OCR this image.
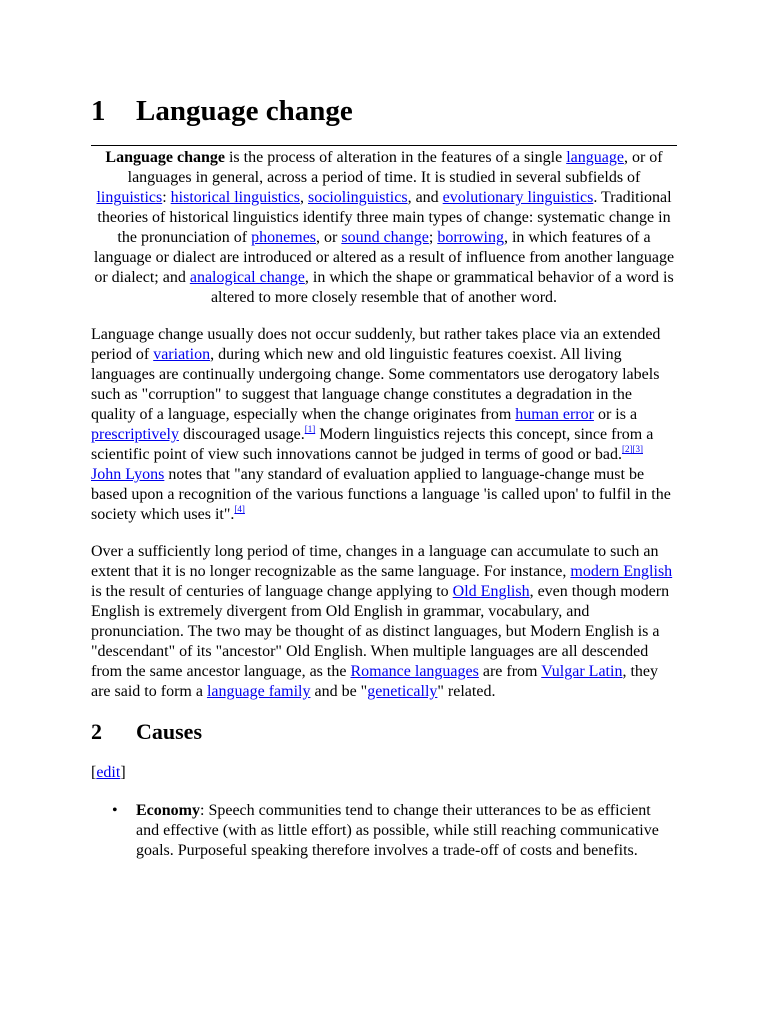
1 Language change

Language change is the process of alteration in the features of a single language, or of languages in general, across a period of time. It is studied in several subfields of linguistics: historical linguistics, sociolinguistics, and evolutionary linguistics. Traditional theories of historical linguistics identify three main types of change: systematic change in the pronunciation of phonemes, or sound change; borrowing, in which features of a language or dialect are introduced or altered as a result of influence from another language or dialect; and analogical change, in which the shape or grammatical behavior of a word is altered to more closely resemble that of another word.

Language change usually does not occur suddenly, but rather takes place via an extended period of variation, during which new and old linguistic features coexist. All living languages are continually undergoing change. Some commentators use derogatory labels such as "corruption" to suggest that language change constitutes a degradation in the quality of a language, especially when the change originates from human error or is a prescriptively discouraged usage.[1] Modern linguistics rejects this concept, since from a scientific point of view such innovations cannot be judged in terms of good or bad.[2][3] John Lyons notes that "any standard of evaluation applied to language-change must be based upon a recognition of the various functions a language 'is called upon' to fulfil in the society which uses it".[4]

Over a sufficiently long period of time, changes in a language can accumulate to such an extent that it is no longer recognizable as the same language. For instance, modern English is the result of centuries of language change applying to Old English, even though modern English is extremely divergent from Old English in grammar, vocabulary, and pronunciation. The two may be thought of as distinct languages, but Modern English is a "descendant" of its "ancestor" Old English. When multiple languages are all descended from the same ancestor language, as the Romance languages are from Vulgar Latin, they are said to form a language family and be "genetically" related.

2 Causes

[edit]

• Economy: Speech communities tend to change their utterances to be as efficient and effective (with as little effort) as possible, while still reaching communicative goals. Purposeful speaking therefore involves a trade-off of costs and benefits.
